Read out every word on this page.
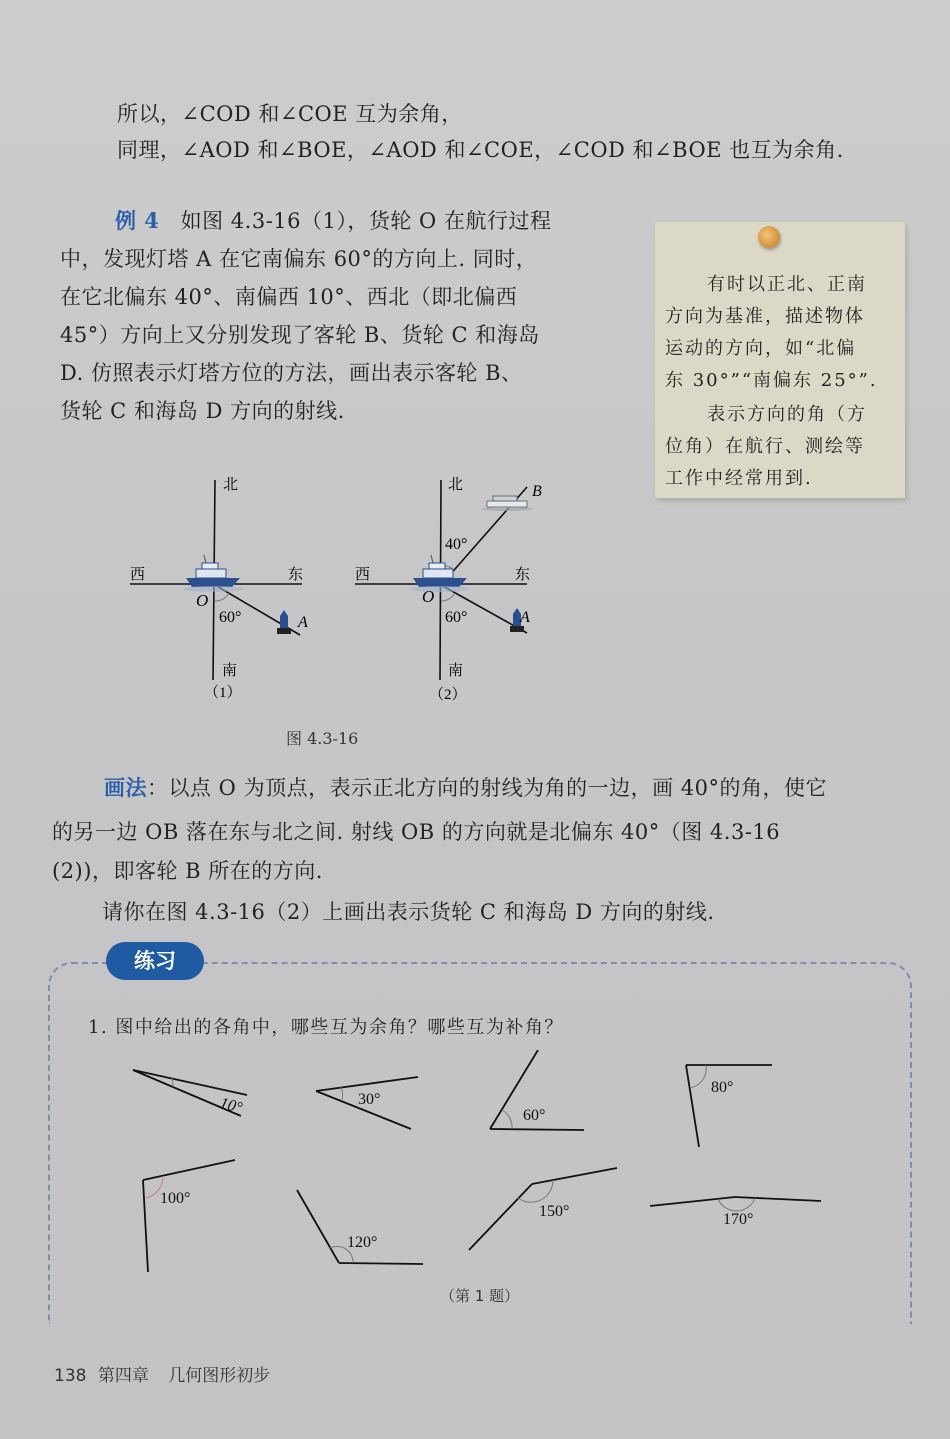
所以，∠COD 和∠COE 互为余角，
同理，∠AOD 和∠BOE，∠AOD 和∠COE，∠COD 和∠BOE 也互为余角.
例 4 如图 4.3-16（1），货轮 O 在航行过程
中，发现灯塔 A 在它南偏东 60°的方向上. 同时，
在它北偏东 40°、南偏西 10°、西北（即北偏西
45°）方向上又分别发现了客轮 B、货轮 C 和海岛
D. 仿照表示灯塔方位的方法，画出表示客轮 B、
货轮 C 和海岛 D 方向的射线.
有时以正北、正南
方向为基准，描述物体
运动的方向，如“北偏
东 30°”“南偏东 25°”.
表示方向的角（方
位角）在航行、测绘等
工作中经常用到.
北
西	东
南
O
60°	A
（1）
北
西	东
南
O
40°
60°
B
A
（2）
图 4.3-16
画法：以点 O 为顶点，表示正北方向的射线为角的一边，画 40°的角，使它
的另一边 OB 落在东与北之间. 射线 OB 的方向就是北偏东 40°（图 4.3-16
(2))，即客轮 B 所在的方向.
请你在图 4.3-16（2）上画出表示货轮 C 和海岛 D 方向的射线.
练习
1. 图中给出的各角中，哪些互为余角？哪些互为补角？
10°	30°
60°
80°
100°
120°
150°	170°
（第 1 题）
138 第四章 几何图形初步
